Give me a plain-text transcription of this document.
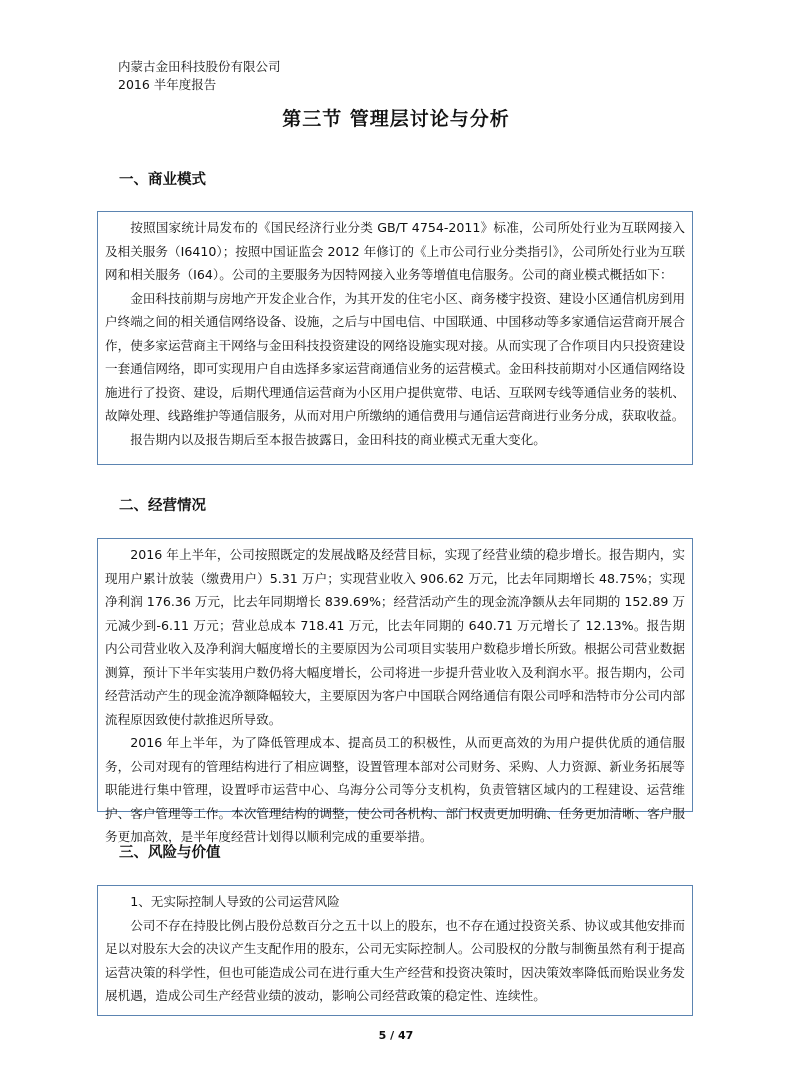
内蒙古金田科技股份有限公司
2016 半年度报告
第三节 管理层讨论与分析
一、商业模式

按照国家统计局发布的《国民经济行业分类 GB/T 4754-2011》标准，公司所处行业为互联网接入及相关服务（I6410）；按照中国证监会 2012 年修订的《上市公司行业分类指引》，公司所处行业为互联网和相关服务（I64）。公司的主要服务为因特网接入业务等增值电信服务。公司的商业模式概括如下：

金田科技前期与房地产开发企业合作，为其开发的住宅小区、商务楼宇投资、建设小区通信机房到用户终端之间的相关通信网络设备、设施，之后与中国电信、中国联通、中国移动等多家通信运营商开展合作，使多家运营商主干网络与金田科技投资建设的网络设施实现对接。从而实现了合作项目内只投资建设一套通信网络，即可实现用户自由选择多家运营商通信业务的运营模式。金田科技前期对小区通信网络设施进行了投资、建设，后期代理通信运营商为小区用户提供宽带、电话、互联网专线等通信业务的装机、故障处理、线路维护等通信服务，从而对用户所缴纳的通信费用与通信运营商进行业务分成，获取收益。

报告期内以及报告期后至本报告披露日，金田科技的商业模式无重大变化。

二、经营情况

2016 年上半年，公司按照既定的发展战略及经营目标，实现了经营业绩的稳步增长。报告期内，实现用户累计放装（缴费用户）5.31 万户；实现营业收入 906.62 万元，比去年同期增长 48.75%；实现净利润 176.36 万元，比去年同期增长 839.69%；经营活动产生的现金流净额从去年同期的 152.89 万元减少到-6.11 万元；营业总成本 718.41 万元，比去年同期的 640.71 万元增长了 12.13%。报告期内公司营业收入及净利润大幅度增长的主要原因为公司项目实装用户数稳步增长所致。根据公司营业数据测算，预计下半年实装用户数仍将大幅度增长，公司将进一步提升营业收入及利润水平。报告期内，公司经营活动产生的现金流净额降幅较大，主要原因为客户中国联合网络通信有限公司呼和浩特市分公司内部流程原因致使付款推迟所导致。

2016 年上半年，为了降低管理成本、提高员工的积极性，从而更高效的为用户提供优质的通信服务，公司对现有的管理结构进行了相应调整，设置管理本部对公司财务、采购、人力资源、新业务拓展等职能进行集中管理，设置呼市运营中心、乌海分公司等分支机构，负责管辖区域内的工程建设、运营维护、客户管理等工作。本次管理结构的调整，使公司各机构、部门权责更加明确、任务更加清晰、客户服务更加高效，是半年度经营计划得以顺利完成的重要举措。

三、风险与价值

1、无实际控制人导致的公司运营风险

公司不存在持股比例占股份总数百分之五十以上的股东，也不存在通过投资关系、协议或其他安排而足以对股东大会的决议产生支配作用的股东，公司无实际控制人。公司股权的分散与制衡虽然有利于提高运营决策的科学性，但也可能造成公司在进行重大生产经营和投资决策时，因决策效率降低而贻误业务发展机遇，造成公司生产经营业绩的波动，影响公司经营政策的稳定性、连续性。

5 / 47
